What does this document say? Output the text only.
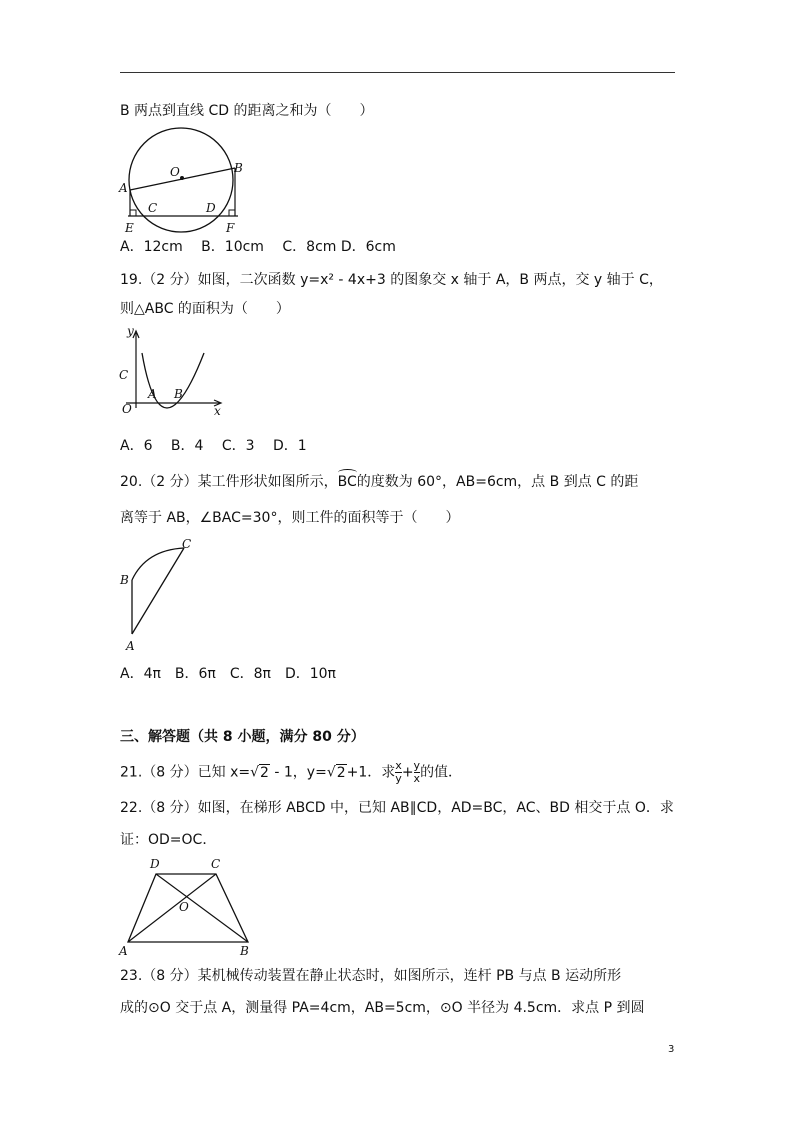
B 两点到直线 CD 的距离之和为（　　）
A
B
O
C	D
E	F
A．12cm　 B．10cm　 C．8cm D．6cm
19.（2 分）如图，二次函数 y=x² - 4x+3 的图象交 x 轴于 A，B 两点，交 y 轴于 C，
则△ABC 的面积为（　　）
y
C
O
A B
x
A．6　 B．4　 C．3　 D．1
20.（2 分）某工件形状如图所示，BC的度数为 60°，AB=6cm，点 B 到点 C 的距
离等于 AB，∠BAC=30°，则工件的面积等于（　　）
B
C
A
A．4π　B．6π　C．8π　D．10π
三、解答题（共 8 小题，满分 80 分）
21.（8 分）已知 x=√2 - 1，y=√2+1．求 $\frac{x}{y} + \frac{y}{x}$ 的值．
22.（8 分）如图，在梯形 ABCD 中，已知 AB∥CD，AD=BC，AC、BD 相交于点 O．求
证：OD=OC．
D	C
O
A	B
23.（8 分）某机械传动装置在静止状态时，如图所示，连杆 PB 与点 B 运动所形
成的⊙O 交于点 A，测量得 PA=4cm，AB=5cm，⊙O 半径为 4.5cm．求点 P 到圆
3
